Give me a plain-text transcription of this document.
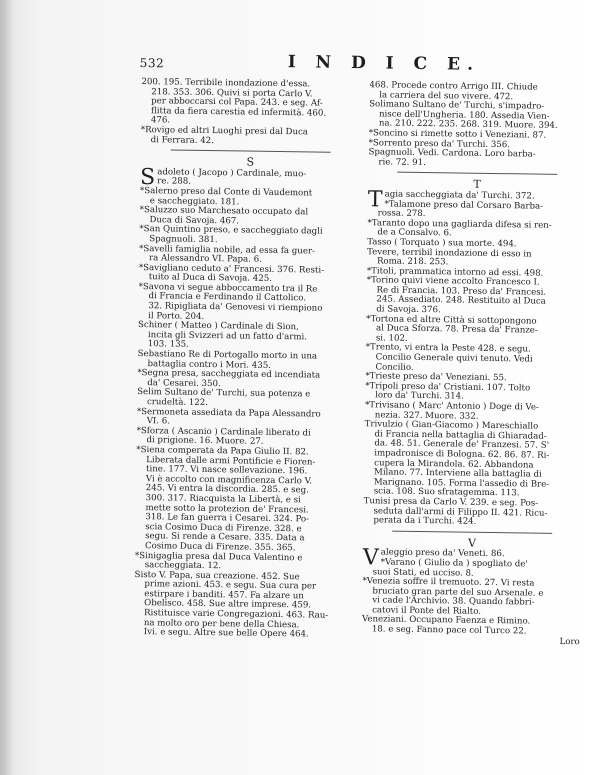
532	I N D I C E.
200. 195. Terribile inondazione d'essa.
218. 353. 306. Quivi si porta Carlo V.
per abboccarsi col Papa. 243. e seg. Af-
flitta da fiera carestia ed infermità. 460.
476.
*Rovigo ed altri Luoghi presi dal Duca
di Ferrara. 42.
S
Sadoleto ( Jacopo ) Cardinale, muo-
re. 288.
*Salerno preso dal Conte di Vaudemont
e saccheggiato. 181.
*Saluzzo suo Marchesato occupato dal
Duca di Savoja. 467.
*San Quintino preso, e saccheggiato dagli
Spagnuoli. 381.
*Savelli famiglia nobile, ad essa fa guer-
ra Alessandro VI. Papa. 6.
*Savigliano ceduto a' Francesi. 376. Resti-
tuito al Duca di Savoja. 425.
*Savona vi segue abboccamento tra il Re
di Francia e Ferdinando il Cattolico.
32. Ripigliata da' Genovesi vi riempiono
il Porto. 204.
Schiner ( Matteo ) Cardinale di Sion,
incita gli Svizzeri ad un fatto d'armi.
103. 135.
Sebastiano Re di Portogallo morto in una
battaglia contro i Mori. 435.
*Segna presa, saccheggiata ed incendiata
da' Cesarei. 350.
Selim Sultano de' Turchi, sua potenza e
crudeltà. 122.
*Sermoneta assediata da Papa Alessandro
VI. 6.
*Sforza ( Ascanio ) Cardinale liberato di
di prigione. 16. Muore. 27.
*Siena comperata da Papa Giulio II. 82.
Liberata dalle armi Pontificie e Fioren-
tine. 177. Vi nasce sollevazione. 196.
Vi è accolto con magnificenza Carlo V.
245. Vi entra la discordia. 285. e seg.
300. 317. Riacquista la Libertà, e si
mette sotto la protezion de' Francesi.
318. Le fan guerra i Cesarei. 324. Po-
scia Cosimo Duca di Firenze. 328. e
segu. Si rende a Cesare. 335. Data a
Cosimo Duca di Firenze. 355. 365.
*Sinigaglia presa dal Duca Valentino e
saccheggiata. 12.
Sisto V. Papa, sua creazione. 452. Sue
prime azioni. 453. e segu. Sua cura per
estirpare i banditi. 457. Fa alzare un
Obelisco. 458. Sue altre imprese. 459.
Ristituisce varie Congregazioni. 463. Rau-
na molto oro per bene della Chiesa.
Ivi. e segu. Altre sue belle Opere 464.
468. Procede contro Arrigo III. Chiude
la carriera del suo vivere. 472.
Solimano Sultano de' Turchi, s'impadro-
nisce dell'Ungheria. 180. Assedia Vien-
na. 210. 222. 235. 268. 319. Muore. 394.
*Soncino si rimette sotto i Veneziani. 87.
*Sorrento preso da' Turchi. 356.
Spagnuoli. Vedi. Cardona. Loro barba-
rie. 72. 91.
T
Tagia saccheggiata da' Turchi. 372.
*Talamone preso dal Corsaro Barba-
rossa. 278.
*Taranto dopo una gagliarda difesa si ren-
de a Consalvo. 6.
Tasso ( Torquato ) sua morte. 494.
Tevere, terribil inondazione di esso in
Roma. 218. 253.
*Titoli, prammatica intorno ad essi. 498.
*Torino quivi viene accolto Francesco I.
Re di Francia. 103. Preso da' Francesi.
245. Assediato. 248. Restituito al Duca
di Savoja. 376.
*Tortona ed altre Città si sottopongono
al Duca Sforza. 78. Presa da' Franze-
si. 102.
*Trento, vi entra la Peste 428. e segu.
Concilio Generale quivi tenuto. Vedi
Concilio.
*Trieste preso da' Veneziani. 55.
*Tripoli preso da' Cristiani. 107. Tolto
loro da' Turchi. 314.
*Trivisano ( Marc' Antonio ) Doge di Ve-
nezia. 327. Muore. 332.
Trivulzio ( Gian-Giacomo ) Mareschiallo
di Francia nella battaglia di Ghiaradad-
da. 48. 51. Generale de' Franzesi. 57. S'
impadronisce di Bologna. 62. 86. 87. Ri-
cupera la Mirandola. 62. Abbandona
Milano. 77. Interviene alla battaglia di
Marignano. 105. Forma l'assedio di Bre-
scia. 108. Suo sfratagemma. 113.
Tunisi presa da Carlo V. 239. e seg. Pos-
seduta dall'armi di Filippo II. 421. Ricu-
perata da i Turchi. 424.
V
Valeggio preso da' Veneti. 86.
*Varano ( Giulio da ) spogliato de'
suoi Stati, ed ucciso. 8.
*Venezia soffre il tremuoto. 27. Vi resta
bruciato gran parte del suo Arsenale. e
vi cade l'Archivio. 38. Quando fabbri-
catovi il Ponte del Rialto.
Veneziani. Occupano Faenza e Rimino.
18. e seg. Fanno pace col Turco 22.
Loro
